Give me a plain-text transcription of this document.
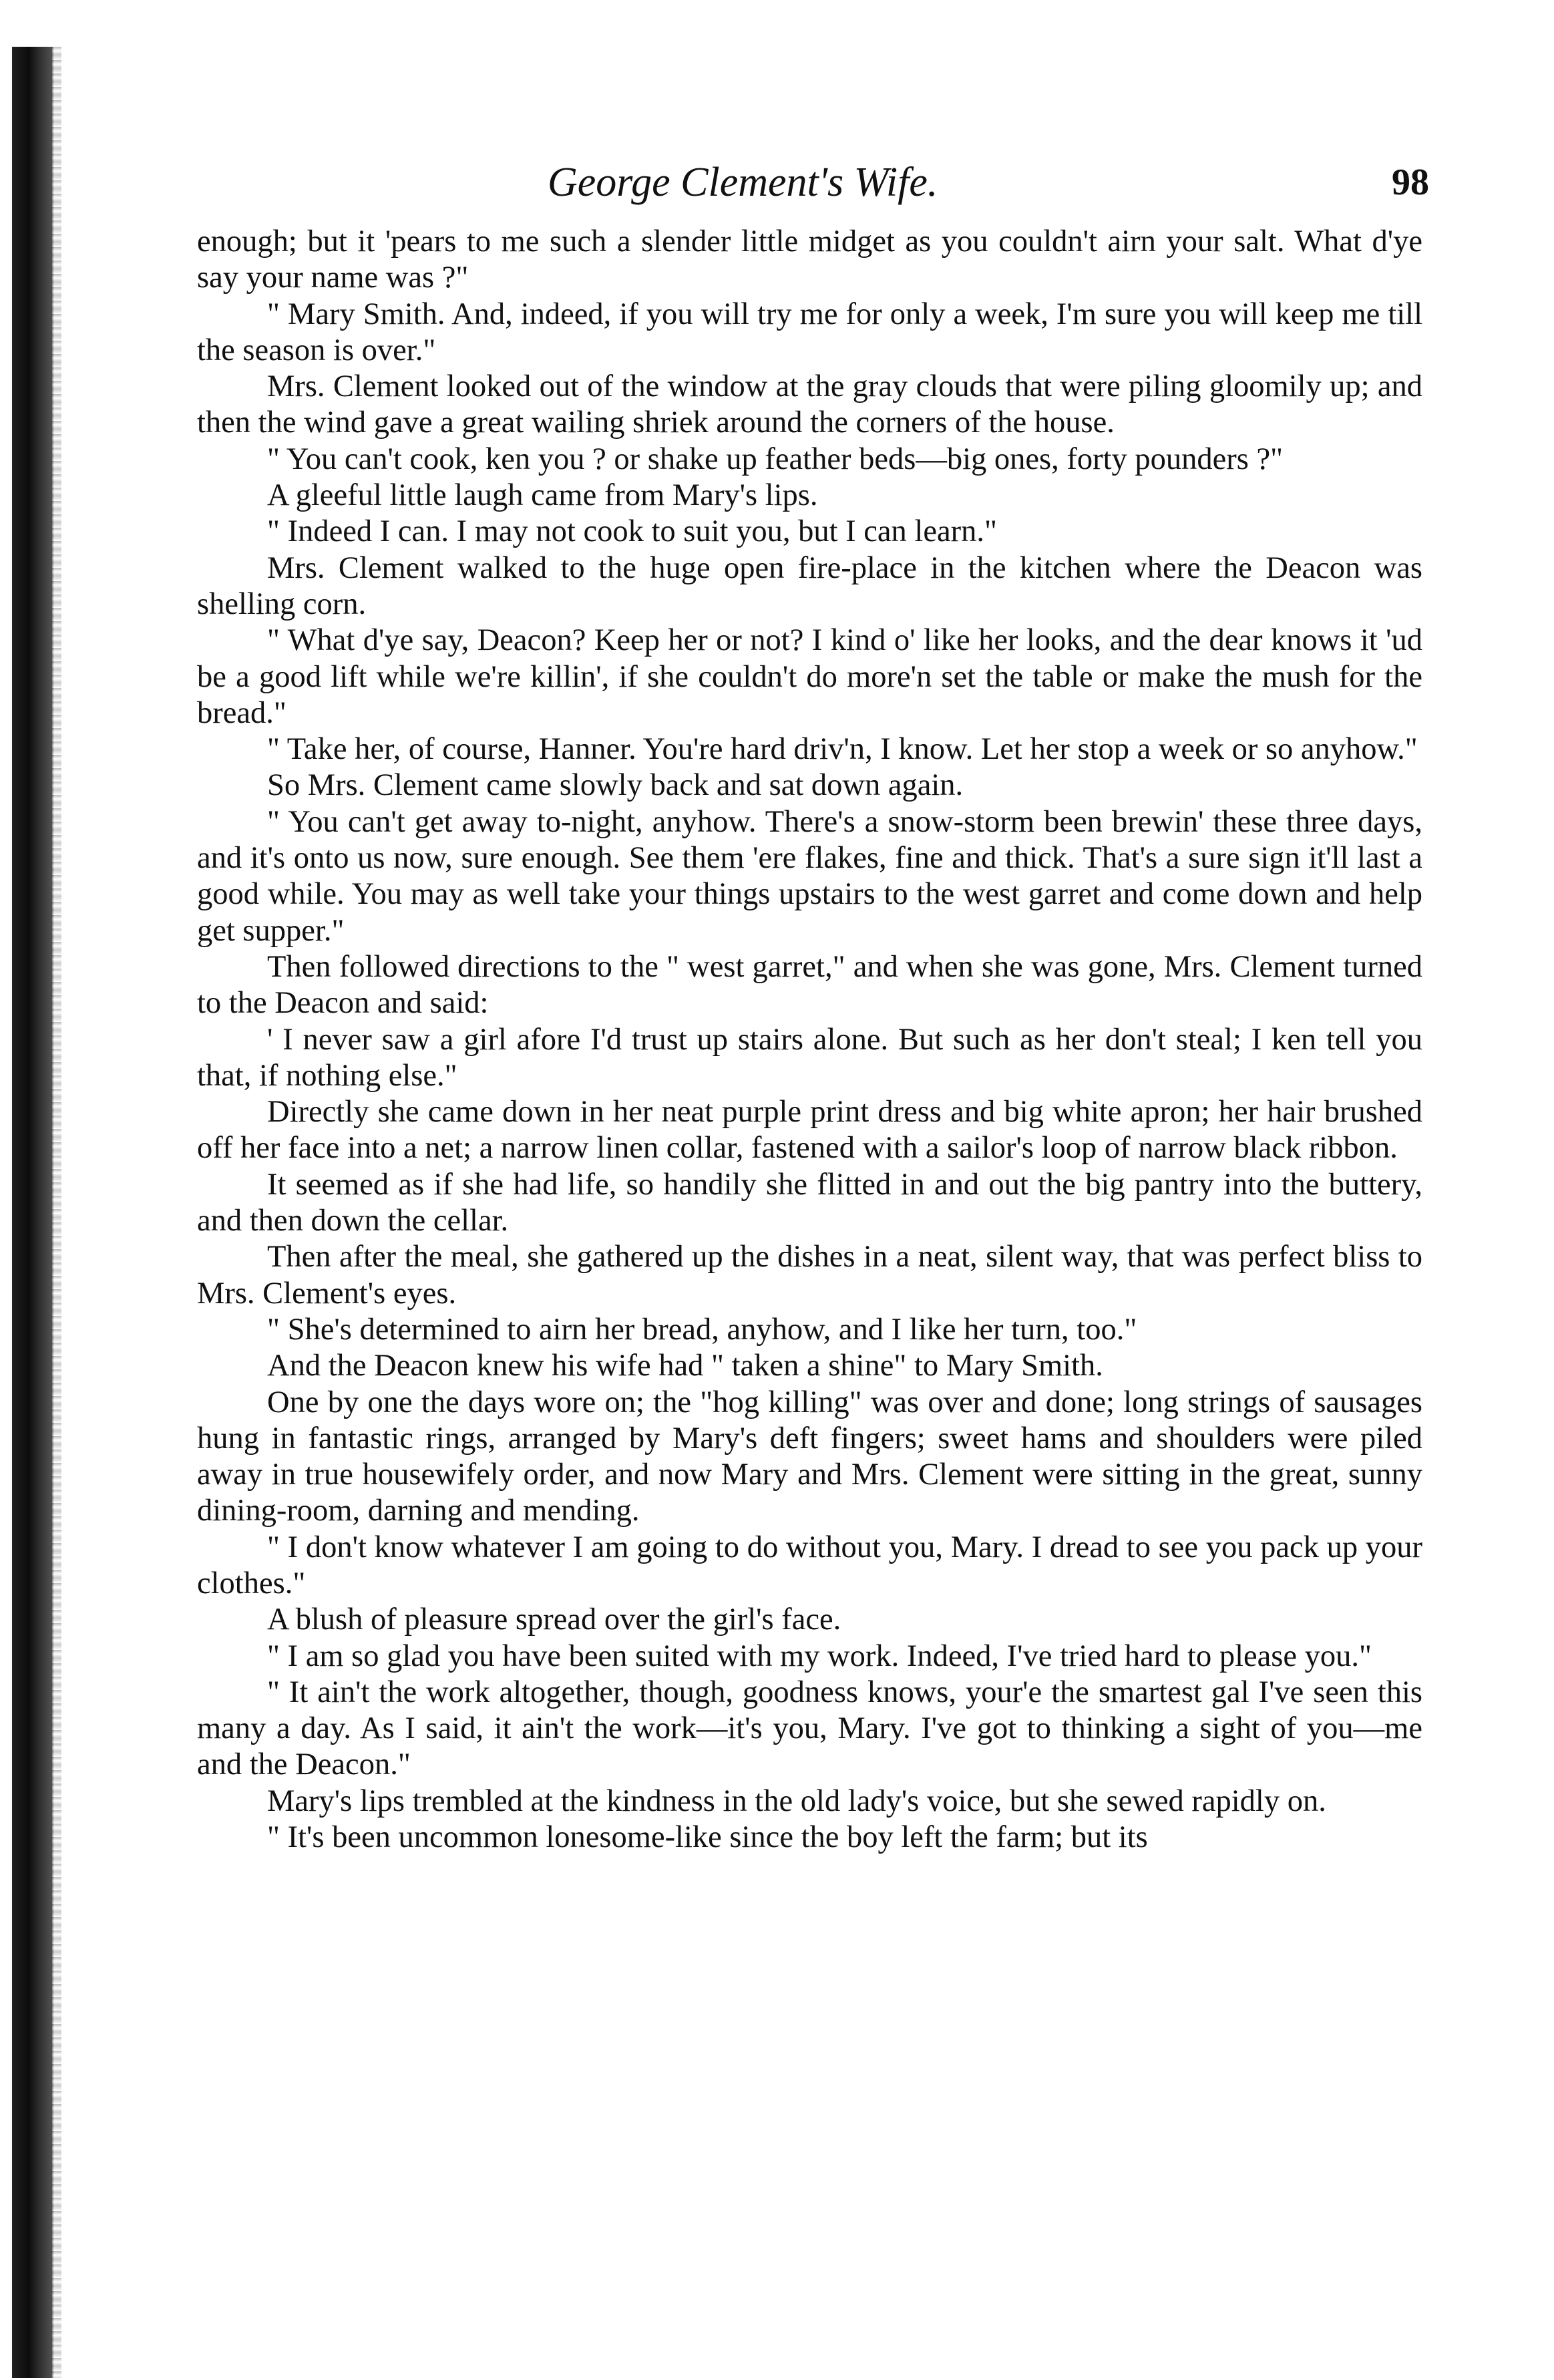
George Clement's Wife.	98

enough; but it 'pears to me such a slender little midget as you couldn't airn your salt. What d'ye say your name was ?"

" Mary Smith. And, indeed, if you will try me for only a week, I'm sure you will keep me till the season is over."

Mrs. Clement looked out of the window at the gray clouds that were piling gloomily up; and then the wind gave a great wailing shriek around the corners of the house.

" You can't cook, ken you ? or shake up feather beds—big ones, forty pounders ?"

A gleeful little laugh came from Mary's lips.

" Indeed I can. I may not cook to suit you, but I can learn."

Mrs. Clement walked to the huge open fire-place in the kitchen where the Deacon was shelling corn.

" What d'ye say, Deacon? Keep her or not? I kind o' like her looks, and the dear knows it 'ud be a good lift while we're killin', if she couldn't do more'n set the table or make the mush for the bread."

" Take her, of course, Hanner. You're hard driv'n, I know. Let her stop a week or so anyhow."

So Mrs. Clement came slowly back and sat down again.

" You can't get away to-night, anyhow. There's a snow-storm been brewin' these three days, and it's onto us now, sure enough. See them 'ere flakes, fine and thick. That's a sure sign it'll last a good while. You may as well take your things upstairs to the west garret and come down and help get supper."

Then followed directions to the " west garret," and when she was gone, Mrs. Clement turned to the Deacon and said:

' I never saw a girl afore I'd trust up stairs alone. But such as her don't steal; I ken tell you that, if nothing else."

Directly she came down in her neat purple print dress and big white apron; her hair brushed off her face into a net; a narrow linen collar, fastened with a sailor's loop of narrow black ribbon.

It seemed as if she had life, so handily she flitted in and out the big pantry into the buttery, and then down the cellar.

Then after the meal, she gathered up the dishes in a neat, silent way, that was perfect bliss to Mrs. Clement's eyes.

" She's determined to airn her bread, anyhow, and I like her turn, too."

And the Deacon knew his wife had " taken a shine" to Mary Smith.

One by one the days wore on; the "hog killing" was over and done; long strings of sausages hung in fantastic rings, arranged by Mary's deft fingers; sweet hams and shoulders were piled away in true housewifely order, and now Mary and Mrs. Clement were sitting in the great, sunny dining-room, darning and mending.

" I don't know whatever I am going to do without you, Mary. I dread to see you pack up your clothes."

A blush of pleasure spread over the girl's face.

" I am so glad you have been suited with my work. Indeed, I've tried hard to please you."

" It ain't the work altogether, though, goodness knows, your'e the smartest gal I've seen this many a day. As I said, it ain't the work—it's you, Mary. I've got to thinking a sight of you—me and the Deacon."

Mary's lips trembled at the kindness in the old lady's voice, but she sewed rapidly on.

" It's been uncommon lonesome-like since the boy left the farm; but its
